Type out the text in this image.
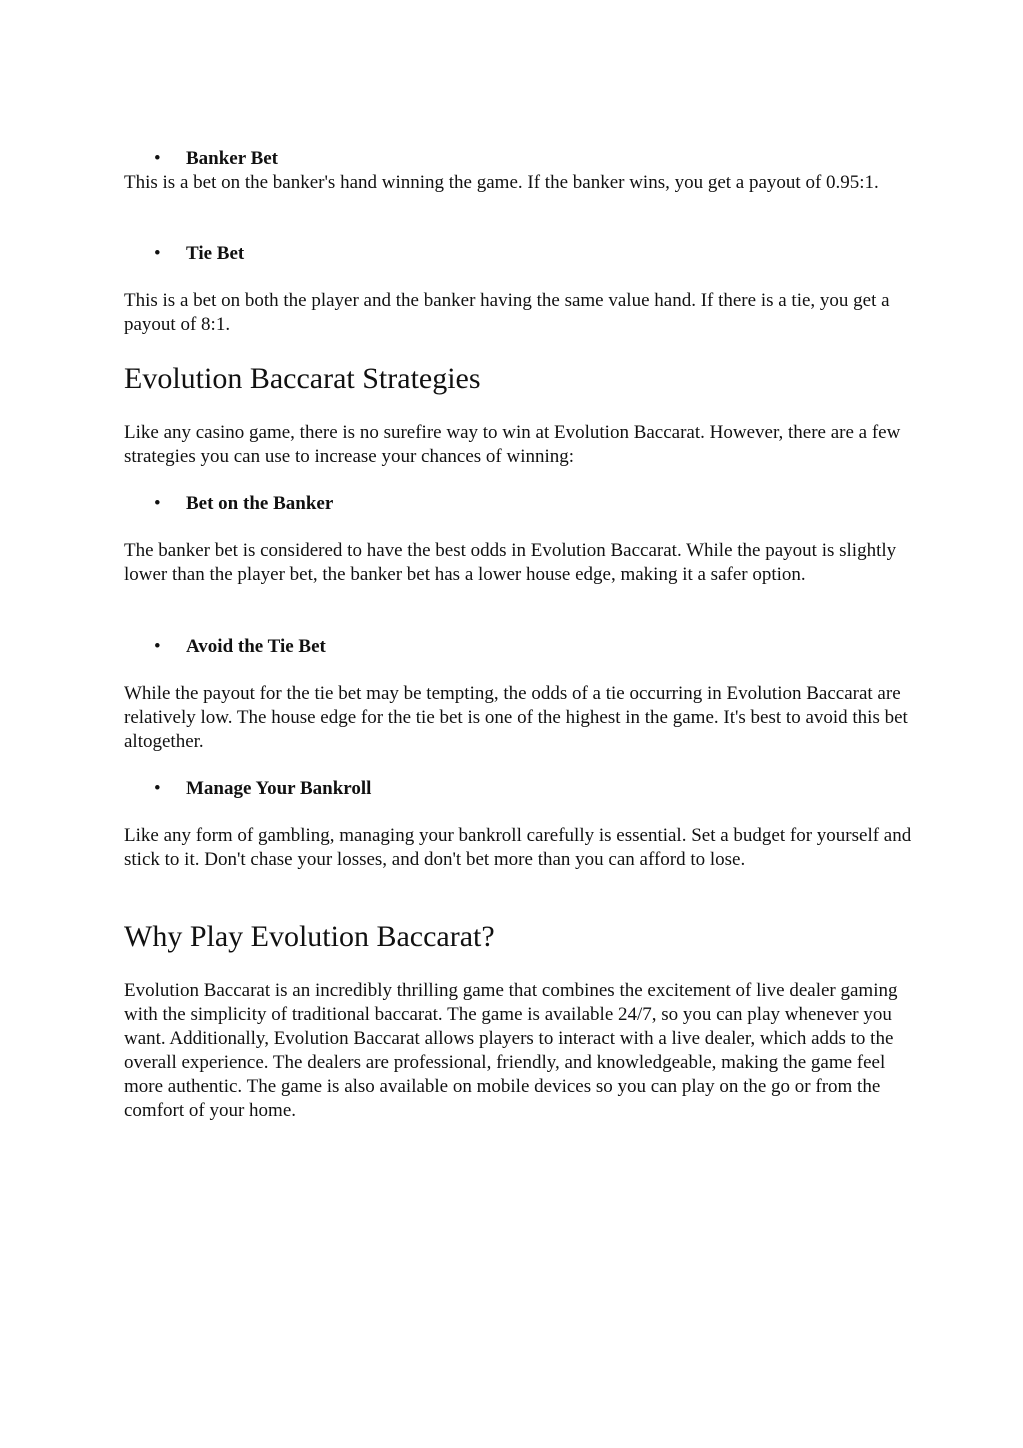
• Banker Bet

This is a bet on the banker's hand winning the game. If the banker wins, you get a payout of 0.95:1.

• Tie Bet

This is a bet on both the player and the banker having the same value hand. If there is a tie, you get a payout of 8:1.

Evolution Baccarat Strategies

Like any casino game, there is no surefire way to win at Evolution Baccarat. However, there are a few strategies you can use to increase your chances of winning:

• Bet on the Banker

The banker bet is considered to have the best odds in Evolution Baccarat. While the payout is slightly lower than the player bet, the banker bet has a lower house edge, making it a safer option.

• Avoid the Tie Bet

While the payout for the tie bet may be tempting, the odds of a tie occurring in Evolution Baccarat are relatively low. The house edge for the tie bet is one of the highest in the game. It's best to avoid this bet altogether.

• Manage Your Bankroll

Like any form of gambling, managing your bankroll carefully is essential. Set a budget for yourself and stick to it. Don't chase your losses, and don't bet more than you can afford to lose.

Why Play Evolution Baccarat?

Evolution Baccarat is an incredibly thrilling game that combines the excitement of live dealer gaming with the simplicity of traditional baccarat. The game is available 24/7, so you can play whenever you want. Additionally, Evolution Baccarat allows players to interact with a live dealer, which adds to the overall experience. The dealers are professional, friendly, and knowledgeable, making the game feel more authentic. The game is also available on mobile devices so you can play on the go or from the comfort of your home.
